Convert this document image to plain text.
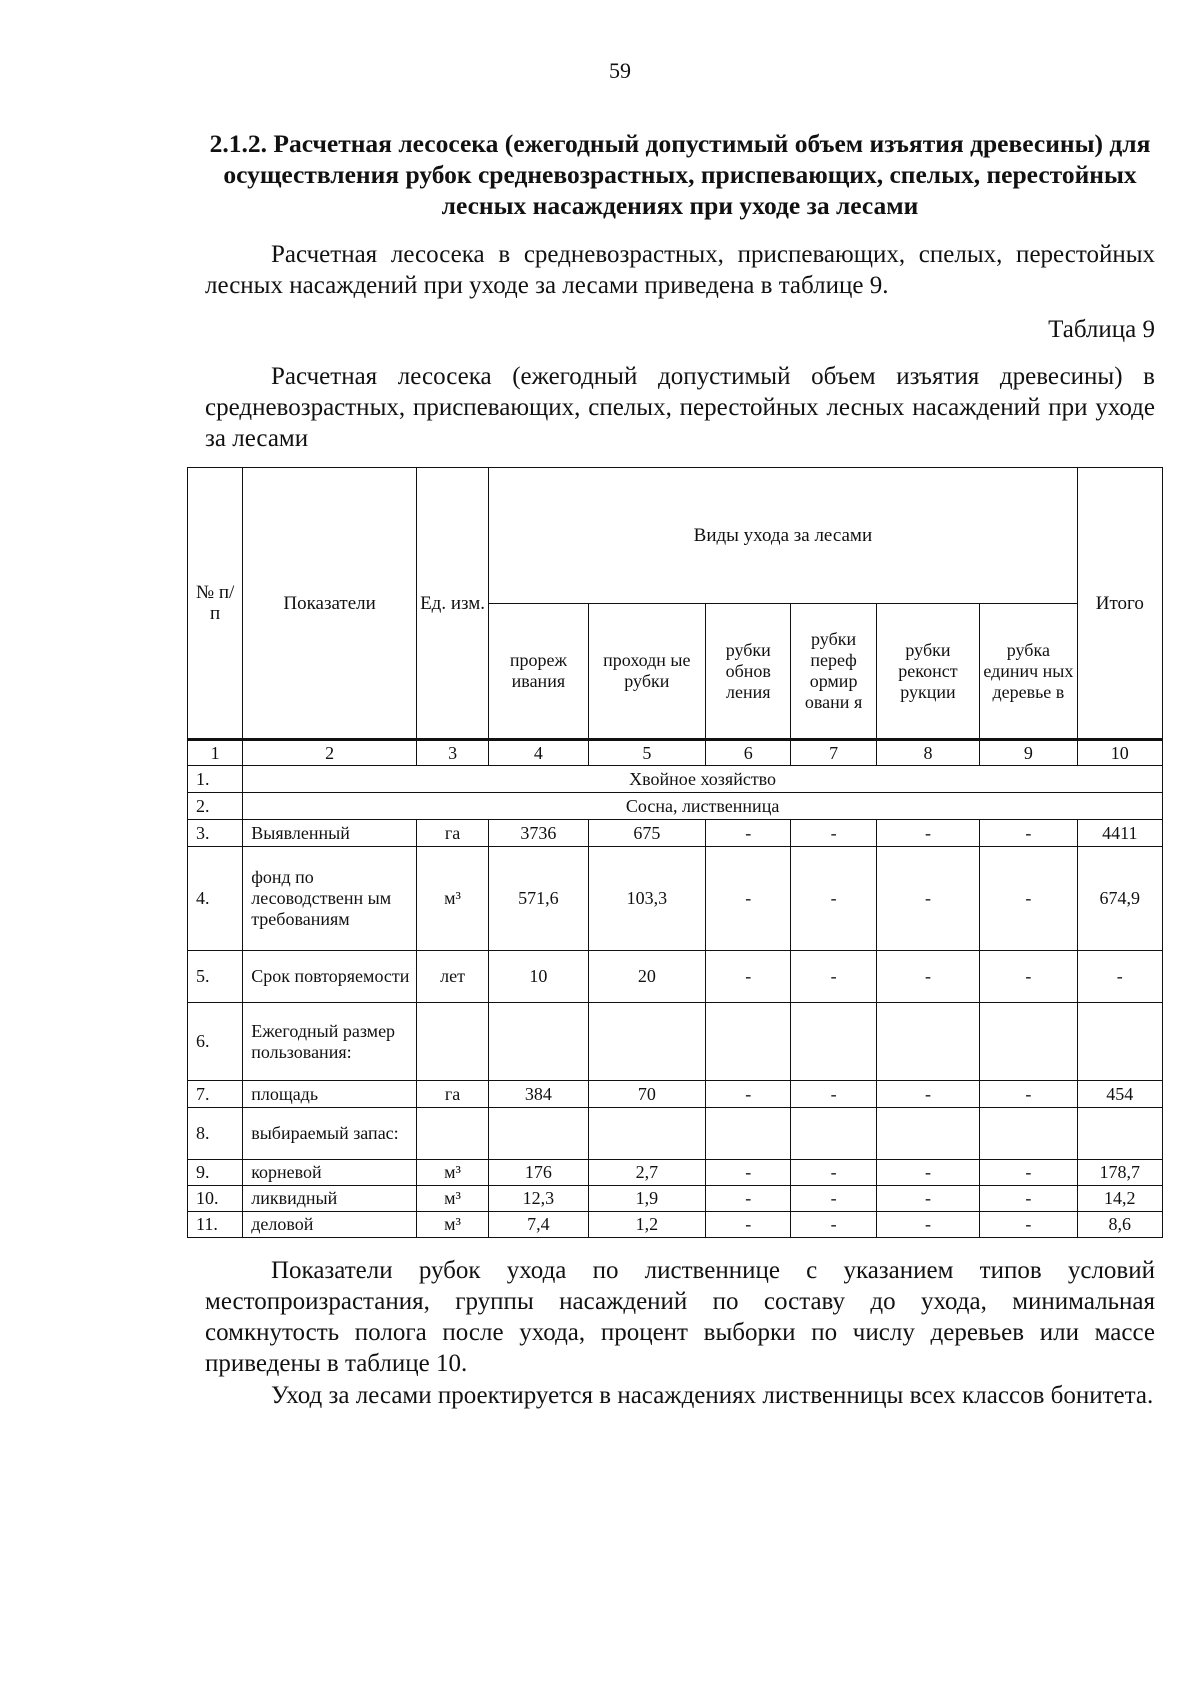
59
2.1.2. Расчетная лесосека (ежегодный допустимый объем изъятия древесины) для осуществления рубок средневозрастных, приспевающих, спелых, перестойных лесных насаждениях при уходе за лесами
Расчетная лесосека в средневозрастных, приспевающих, спелых, перестойных лесных насаждений при уходе за лесами приведена в таблице 9.
Таблица 9
Расчетная лесосека (ежегодный допустимый объем изъятия древесины) в средневозрастных, приспевающих, спелых, перестойных лесных насаждений при уходе за лесами
№ п/п	Показатели	Ед. изм.	Виды ухода за лесами						Итого
			прореж ивания	проходн ые рубки	рубки обнов ления	рубки переф ормир овани я	рубки реконст рукции	рубка единич ных деревье в	
1	2	3	4	5	6	7	8	9	10
1.	Хвойное хозяйство								
2.	Сосна, лиственница								
3.	Выявленный	га	3736	675	-	-	-	-	4411
4.	фонд по лесоводственн ым требованиям	м³	571,6	103,3	-	-	-	-	674,9
5.	Срок повторяемости	лет	10	20	-	-	-	-	-
6.	Ежегодный размер пользования:								
7.	площадь	га	384	70	-	-	-	-	454
8.	выбираемый запас:								
9.	корневой	м³	176	2,7	-	-	-	-	178,7
10.	ликвидный	м³	12,3	1,9	-	-	-	-	14,2
11.	деловой	м³	7,4	1,2	-	-	-	-	8,6
Показатели рубок ухода по лиственнице с указанием типов условий местопроизрастания, группы насаждений по составу до ухода, минимальная сомкнутость полога после ухода, процент выборки по числу деревьев или массе приведены в таблице 10.
Уход за лесами проектируется в насаждениях лиственницы всех классов бонитета.
